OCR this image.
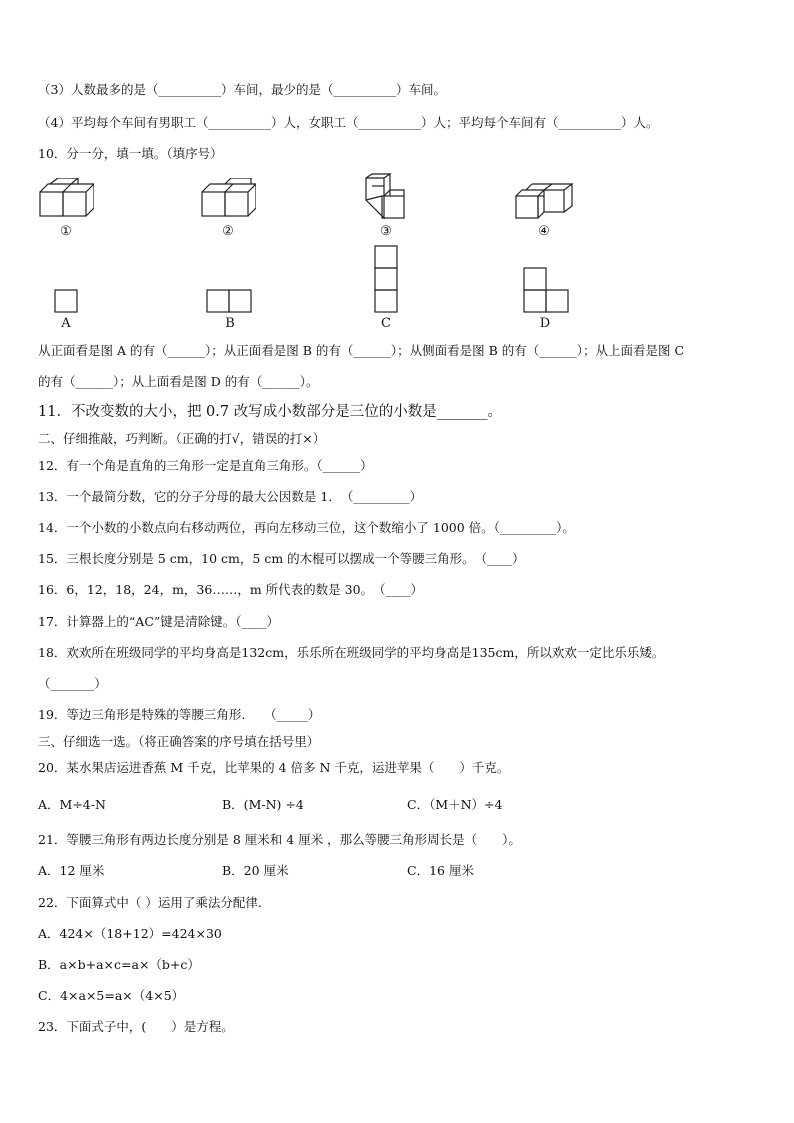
（3）人数最多的是（__________）车间，最少的是（__________）车间。
（4）平均每个车间有男职工（__________）人，女职工（__________）人；平均每个车间有（__________）人。
10．分一分，填一填。（填序号）
①	②	③	④
A	B	C	D
从正面看是图 A 的有（______）；从正面看是图 B 的有（______）；从侧面看是图 B 的有（______）；从上面看是图 C
的有（______）；从上面看是图 D 的有（______）。
11．不改变数的大小，把 0.7 改写成小数部分是三位的小数是_______。
二、仔细推敲，巧判断。（正确的打√，错误的打×）
12．有一个角是直角的三角形一定是直角三角形。（______）
13．一个最简分数，它的分子分母的最大公因数是 1．　（_________）
14．一个小数的小数点向右移动两位，再向左移动三位，这个数缩小了 1000 倍。（_________）。
15．三根长度分别是 5 cm，10 cm，5 cm 的木棍可以摆成一个等腰三角形。　（____）
16．6，12，18，24，m，36……，m 所代表的数是 30。　（____）
17．计算器上的“AC”键是清除键。（____）
18．欢欢所在班级同学的平均身高是132cm，乐乐所在班级同学的平均身高是135cm，所以欢欢一定比乐乐矮。
（_______）
19．等边三角形是特殊的等腰三角形.　　（_____）
三、仔细选一选。（将正确答案的序号填在括号里）
20．某水果店运进香蕉 M 千克，比苹果的 4 倍多 N 千克，运进苹果（　　）千克。
A．M÷4-N	B．(M-N) ÷4	C．（M＋N）÷4
21．等腰三角形有两边长度分别是 8 厘米和 4 厘米 ，那么等腰三角形周长是（　　）。
A．12 厘米	B．20 厘米	C．16 厘米
22．下面算式中（ ）运用了乘法分配律.
A．424×（18+12）=424×30
B．a×b+a×c=a×（b+c）
C．4×a×5=a×（4×5）
23．下面式子中，(　　）是方程。
